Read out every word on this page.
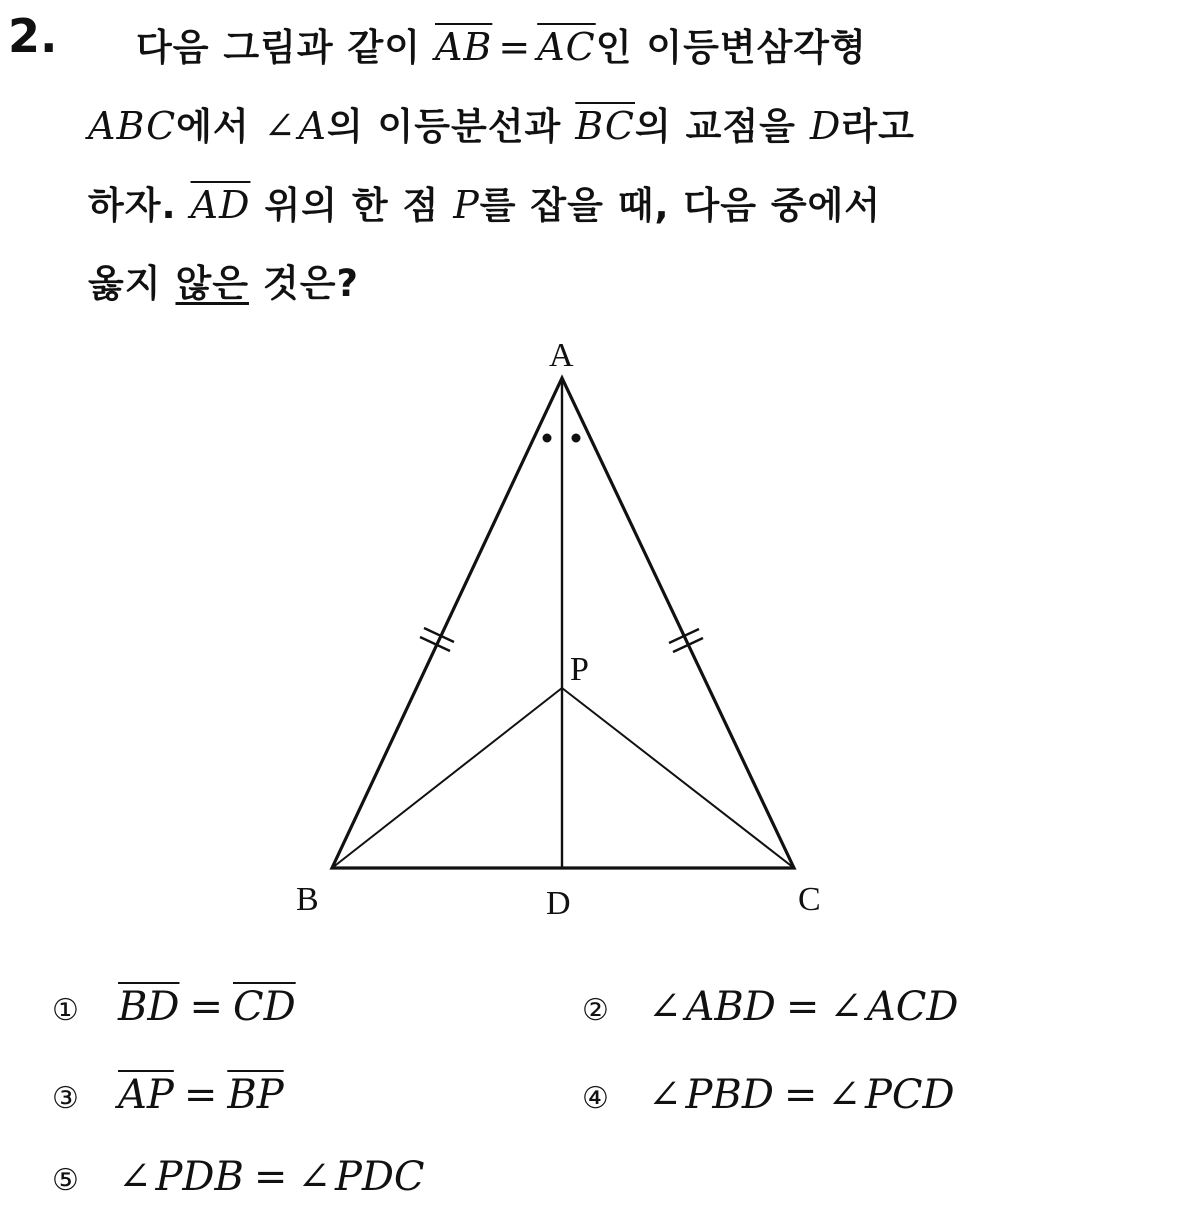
2.	다음 그림과 같이 $\overline{AB} = \overline{AC}$인 이등변삼각형
ABC에서 ∠A의 이등분선과 $\overline{BC}$의 교점을 D라고
하자. $\overline{AD}$ 위의 한 점 P를 잡을 때, 다음 중에서
옳지 않은 것은?
A
B	C
D
P
① $\overline{BD} = \overline{CD}$	② ∠ ABD = ∠ ACD
③ $\overline{AP} = \overline{BP}$	④ ∠ PBD = ∠ PCD
⑤ ∠ PDB = ∠ PDC
